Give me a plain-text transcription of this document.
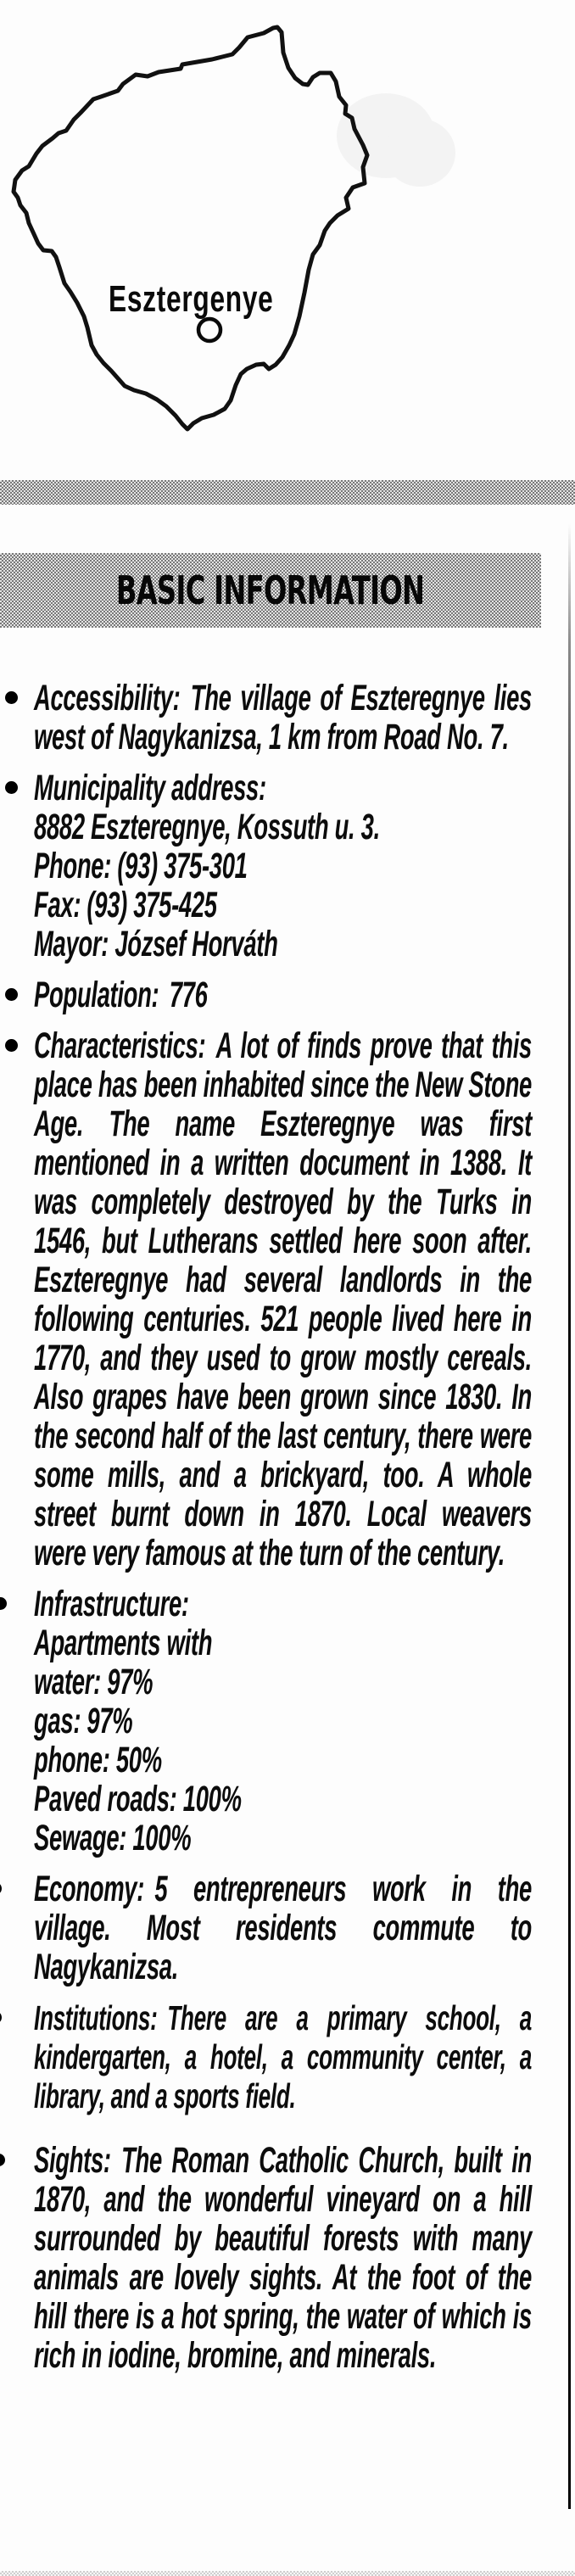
Esztergenye
BASIC INFORMATION

Accessibility: The village of Eszteregnye lies west of Nagykanizsa, 1 km from Road No. 7.

Municipality address:
8882 Eszteregnye, Kossuth u. 3.
Phone: (93) 375-301
Fax: (93) 375-425
Mayor: József Horváth

Population: 776

Characteristics: A lot of finds prove that this place has been inhabited since the New Stone Age. The name Eszteregnye was first mentioned in a written document in 1388. It was completely destroyed by the Turks in 1546, but Lutherans settled here soon after. Eszteregnye had several landlords in the following centuries. 521 people lived here in 1770, and they used to grow mostly cereals. Also grapes have been grown since 1830. In the second half of the last century, there were some mills, and a brickyard, too. A whole street burnt down in 1870. Local weavers were very famous at the turn of the century.

Infrastructure:
Apartments with
water: 97%
gas: 97%
phone: 50%
Paved roads: 100%
Sewage: 100%

Economy: 5 entrepreneurs work in the village. Most residents commute to Nagykanizsa.

Institutions: There are a primary school, a kindergarten, a hotel, a community center, a library, and a sports field.

Sights: The Roman Catholic Church, built in 1870, and the wonderful vineyard on a hill surrounded by beautiful forests with many animals are lovely sights. At the foot of the hill there is a hot spring, the water of which is rich in iodine, bromine, and minerals.
